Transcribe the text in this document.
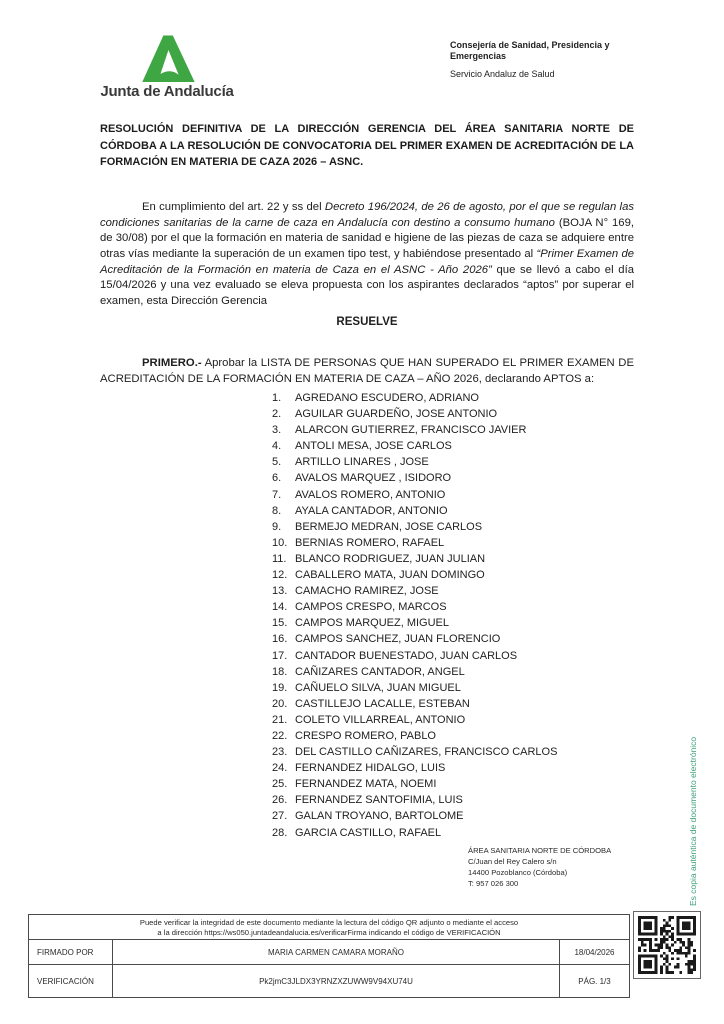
Junta de Andalucía
Consejería de Sanidad, Presidencia y
Emergencias
Servicio Andaluz de Salud
RESOLUCIÓN DEFINITIVA DE LA DIRECCIÓN GERENCIA DEL ÁREA SANITARIA NORTE DE CÓRDOBA A LA RESOLUCIÓN DE CONVOCATORIA DEL PRIMER EXAMEN DE ACREDITACIÓN DE LA FORMACIÓN EN MATERIA DE CAZA 2026 – ASNC.

En cumplimiento del art. 22 y ss del Decreto 196/2024, de 26 de agosto, por el que se regulan las condiciones sanitarias de la carne de caza en Andalucía con destino a consumo humano (BOJA N° 169, de 30/08) por el que la formación en materia de sanidad e higiene de las piezas de caza se adquiere entre otras vías mediante la superación de un examen tipo test, y habiéndose presentado al “Primer Examen de Acreditación de la Formación en materia de Caza en el ASNC - Año 2026” que se llevó a cabo el día 15/04/2026 y una vez evaluado se eleva propuesta con los aspirantes declarados “aptos” por superar el examen, esta Dirección Gerencia

RESUELVE

PRIMERO.- Aprobar la LISTA DE PERSONAS QUE HAN SUPERADO EL PRIMER EXAMEN DE ACREDITACIÓN DE LA FORMACIÓN EN MATERIA DE CAZA – AÑO 2026, declarando APTOS a:

1.	AGREDANO ESCUDERO, ADRIANO
2.	AGUILAR GUARDEÑO, JOSE ANTONIO
3.	ALARCON GUTIERREZ, FRANCISCO JAVIER
4.	ANTOLI MESA, JOSE CARLOS
5.	ARTILLO LINARES , JOSE
6.	AVALOS MARQUEZ , ISIDORO
7.	AVALOS ROMERO, ANTONIO
8.	AYALA CANTADOR, ANTONIO
9.	BERMEJO MEDRAN, JOSE CARLOS
10. BERNIAS ROMERO, RAFAEL
11. BLANCO RODRIGUEZ, JUAN JULIAN
12. CABALLERO MATA, JUAN DOMINGO
13. CAMACHO RAMIREZ, JOSE
14. CAMPOS CRESPO, MARCOS
15. CAMPOS MARQUEZ, MIGUEL
16. CAMPOS SANCHEZ, JUAN FLORENCIO
17. CANTADOR BUENESTADO, JUAN CARLOS
18. CAÑIZARES CANTADOR, ANGEL
19. CAÑUELO SILVA, JUAN MIGUEL
20. CASTILLEJO LACALLE, ESTEBAN
21. COLETO VILLARREAL, ANTONIO
22. CRESPO ROMERO, PABLO
23. DEL CASTILLO CAÑIZARES, FRANCISCO CARLOS
24. FERNANDEZ HIDALGO, LUIS
25. FERNANDEZ MATA, NOEMI
26. FERNANDEZ SANTOFIMIA, LUIS
27. GALAN TROYANO, BARTOLOME
28. GARCIA CASTILLO, RAFAEL
ÁREA SANITARIA NORTE DE CÓRDOBA
C/Juan del Rey Calero s/n
14400 Pozoblanco (Córdoba)
T: 957 026 300	Es copia auténtica de documento electrónico
Puede verificar la integridad de este documento mediante la lectura del código QR adjunto o mediante el acceso
a la dirección https://ws050.juntadeandalucia.es/verificarFirma indicando el código de VERIFICACIÓN
FIRMADO POR	MARIA CARMEN CAMARA MORAÑO	18/04/2026
VERIFICACIÓN	Pk2jmC3JLDX3YRNZXZUWW9V94XU74U	PÁG. 1/3
